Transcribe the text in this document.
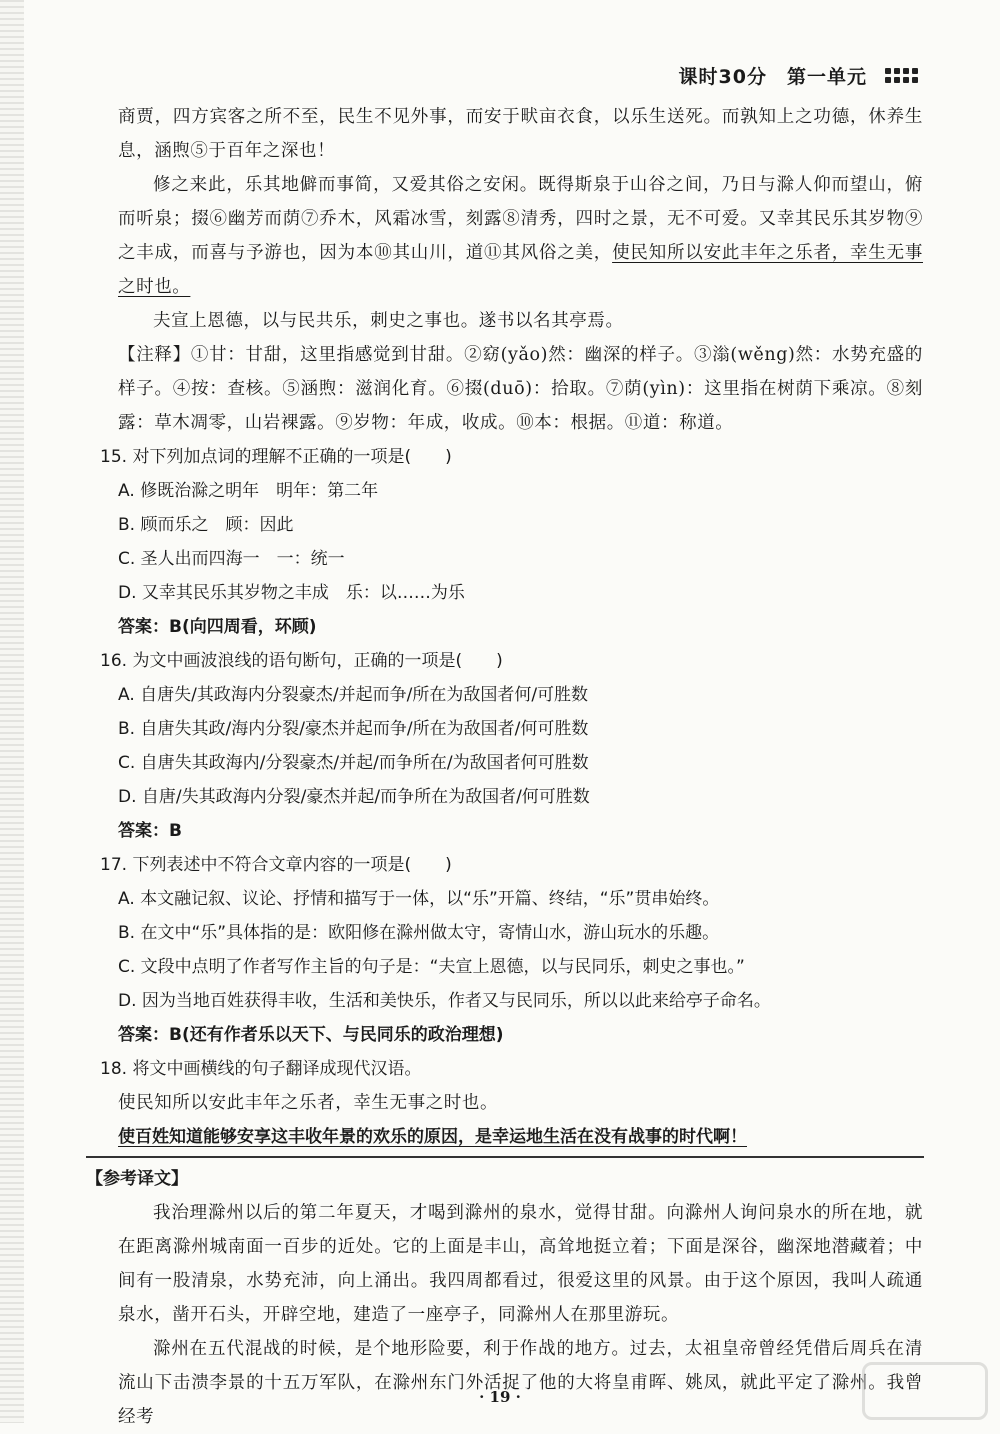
课时30分　第一单元

商贾，四方宾客之所不至，民生不见外事，而安于畎亩衣食，以乐生送死。而孰知上之功德，休养生息，涵煦⑤于百年之深也！

修之来此，乐其地僻而事简，又爱其俗之安闲。既得斯泉于山谷之间，乃日与滁人仰而望山，俯而听泉；掇⑥幽芳而荫⑦乔木，风霜冰雪，刻露⑧清秀，四时之景，无不可爱。又幸其民乐其岁物⑨之丰成，而喜与予游也，因为本⑩其山川，道⑪其风俗之美，使民知所以安此丰年之乐者，幸生无事之时也。

夫宣上恩德，以与民共乐，刺史之事也。遂书以名其亭焉。

【注释】①甘：甘甜，这里指感觉到甘甜。②窈(yǎo)然：幽深的样子。③滃(wěng)然：水势充盛的样子。④按：查核。⑤涵煦：滋润化育。⑥掇(duō)：拾取。⑦荫(yìn)：这里指在树荫下乘凉。⑧刻露：草木凋零，山岩裸露。⑨岁物：年成，收成。⑩本：根据。⑪道：称道。

15. 对下列加点词的理解不正确的一项是(　　)

A. 修既治滁之明年　明年：第二年

B. 顾而乐之　顾：因此

C. 圣人出而四海一　一：统一

D. 又幸其民乐其岁物之丰成　乐：以……为乐

答案：B(向四周看，环顾)

16. 为文中画波浪线的语句断句，正确的一项是(　　)

A. 自唐失/其政海内分裂豪杰/并起而争/所在为敌国者何/可胜数

B. 自唐失其政/海内分裂/豪杰并起而争/所在为敌国者/何可胜数

C. 自唐失其政海内/分裂豪杰/并起/而争所在/为敌国者何可胜数

D. 自唐/失其政海内分裂/豪杰并起/而争所在为敌国者/何可胜数

答案：B

17. 下列表述中不符合文章内容的一项是(　　)

A. 本文融记叙、议论、抒情和描写于一体，以“乐”开篇、终结，“乐”贯串始终。

B. 在文中“乐”具体指的是：欧阳修在滁州做太守，寄情山水，游山玩水的乐趣。

C. 文段中点明了作者写作主旨的句子是：“夫宣上恩德，以与民同乐，刺史之事也。”

D. 因为当地百姓获得丰收，生活和美快乐，作者又与民同乐，所以以此来给亭子命名。

答案：B(还有作者乐以天下、与民同乐的政治理想)

18. 将文中画横线的句子翻译成现代汉语。

使民知所以安此丰年之乐者，幸生无事之时也。

使百姓知道能够安享这丰收年景的欢乐的原因，是幸运地生活在没有战事的时代啊！

【参考译文】

我治理滁州以后的第二年夏天，才喝到滁州的泉水，觉得甘甜。向滁州人询问泉水的所在地，就在距离滁州城南面一百步的近处。它的上面是丰山，高耸地挺立着；下面是深谷，幽深地潜藏着；中间有一股清泉，水势充沛，向上涌出。我四周都看过，很爱这里的风景。由于这个原因，我叫人疏通泉水，凿开石头，开辟空地，建造了一座亭子，同滁州人在那里游玩。

滁州在五代混战的时候，是个地形险要，利于作战的地方。过去，太祖皇帝曾经凭借后周兵在清流山下击溃李景的十五万军队，在滁州东门外活捉了他的大将皇甫晖、姚凤，就此平定了滁州。我曾经考

· 19 ·
